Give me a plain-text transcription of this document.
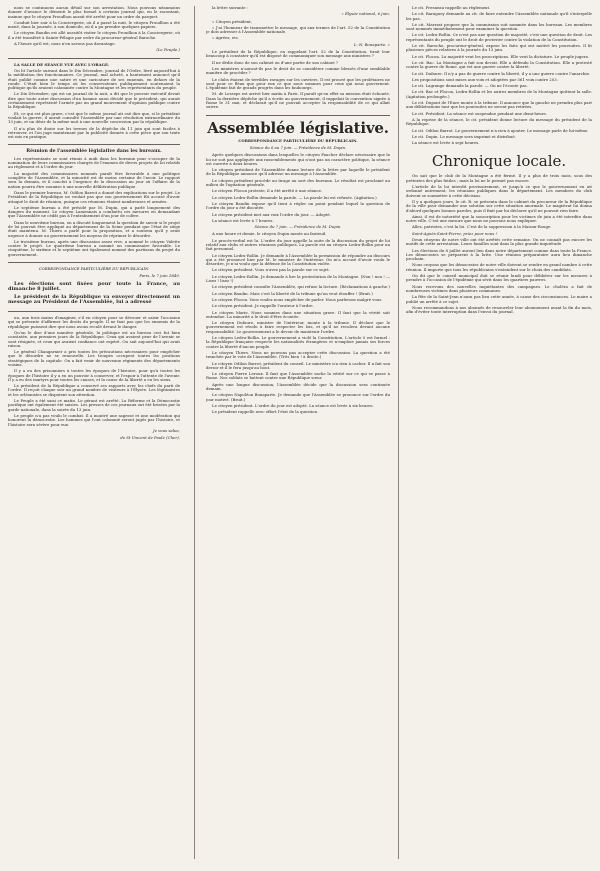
nous se continuons aucun détail sur son arrestation. Nous pouvons néanmoins donner d'avance le démenti le plus formel à certains journal qui, en le racontant, insinue que le citoyen Proudhon aurait été arrêté pour un ordre du parquet.

Conduit hier soir à la Conciergerie, où il a passé la nuit, le citoyen Proudhon a été mené, dans la journée, à son domicile, où il a pu prendre quelques papiers.

Le citoyen Baudin est allé aussitôt visiter le citoyen Proudhon à la Conciergerie, où il a été transféré à Sainte-Pélagie par ordre du procureur-général Baroche.

A l'heure qu'il est, nous n'en savons pas davantage.

(Le Peuple.)

LA SALLE DE SEANCE VUE AVEC L'ORAGE.

On lit l'article suivant dans le Dix Décembre, journal de l'Ordre, livré aujourd'hui à la méditation des fonctionnaires. Ce journal, mal acheté, a hautement annoncé qu'il était publié comme une satire et une caricature de ses ennemis, en dehors de la ronde. C'était bien le temps où les conservateurs publiquement soutenaient la politique qu'ils avaient calomniée contre la Montagne et les représentants du peuple.

Le Dix Décembre, qui est un journal de la nuit, a dit que le pouvoir exécutif devait dire que toute autre discussion d'un homme aussi décidé que le président, qui aurait certainement représenté l'armée par un grand mouvement d'opinion publique contre la République.

Et, ce qui est plus grave, c'est que le même journal ait osé dire que, si le président voulait la guerre, il aurait consulté l'Assemblée par une résolution extraordinaire du 13 juin, et un désir de la même nuit à une nouvelle concession par la république.

Il n'a plus de doute sur les termes de la dépêche du 11 juin qui sont faciles à retrouver, et l'on juge maintenant par la publicité donnée à cette pièce que son texte est mis en pratique.

Réunion de l'assemblée législative dans les bureaux.

Les représentants se sont réunis à midi dans les bureaux pour s'occuper de la nomination de leurs commissaires chargés de l'examen de divers projets de loi relatifs au règlement et à l'ordre du jour.

La majorité des commissaires nommés paraît être favorable à une politique complète de l'Assemblée, et la minorité est de moins certaine de l'avoir. Le rapport sera lu demain, et il conclut à l'urgence de la discussion au jour où l'affaire de la nation pourra être soumise à une nouvelle délibération publique.

Dans le premier bureau, M. Odilon Barrot a donné des explications sur le projet. Le Président de la République ne voulait pas que son gouvernement fût accusé d'avoir attaqué le droit de réunion, puisque ces réunions étaient nombreuses et armées.

Le septième bureau a été présidé par M. Dupin, qui a parlé longuement des dangers du moment. Le citoyen Lamennais a combattu ces mesures en demandant que l'Assemblée ne cédât pas à l'entraînement d'un jour de colère.

Dans le neuvième bureau, on a discuté longuement la question de savoir si le projet de loi pouvait être appliqué au département de la Seine pendant que l'état de siège était maintenu. M. Thiers a parlé pour la proposition, et a soutenu qu'il y avait urgence à donner au gouvernement les moyens de réprimer le désordre.

Le troisième bureau, après une discussion assez vive, a nommé le citoyen Valette contre le projet. Le quatrième bureau a nommé un commissaire favorable. Le cinquième, le sixième et le septième ont également nommé des partisans du projet du gouvernement.

CORRESPONDANCE PARTICULIÈRE DU REPUBLICAIN.
Paris, le 7 juin 1849.

Les élections sont fixées pour toute la France, au dimanche 8 juillet.

Le président de la République va envoyer directement un message au Président de l'Assemblée, lui a adressé

un, aux trois mains d'imaginer, s'il en citoyen pour se dévouer et saisir l'occasion qui se présente d'affirmer les droits du peuple. Il ne faut pas que les ennemis de la république puissent dire que nous avons reculé devant le danger.

Qu'on le dise d'une manière générale, la politique est au bureau ceci fut bien constatée, aux premiers jours de la République. Ceux qui avaient peur de l'avenir se sont résignés, et ceux qui avaient confiance ont espéré. On sait aujourd'hui qui avait raison.

Le général Changarnier a pris toutes les précautions nécessaires pour empêcher que le désordre ne se renouvelle. Les troupes occupent toutes les positions stratégiques de la capitale. On a fait venir de nouveaux régiments des départements voisins.

Il y a eu des prisonniers à toutes les époques de l'histoire, pour qu'à toutes les époques de l'histoire il y a eu un pouvoir à conserver, et l'espoir à l'attente de l'avenir. Il y a eu des martyrs pour toutes les causes, et la cause de la liberté a eu les siens.

Le président de la République a conservé ses rapports avec les chefs du parti de l'ordre. Il reçoit chaque soir un grand nombre de visiteurs à l'Élysée. Les légitimistes et les orléanistes se disputent son attention.

Le Peuple a été saisi ce matin. Le gérant est arrêté. La Réforme et la Démocratie pacifique ont également été saisies. Les presses de ces journaux ont été brisées par la garde nationale, dans la soirée du 13 juin.

Le peuple n'a pas voulu le combat. Il a montré une sagesse et une modération qui honorent la démocratie. Les hommes qui l'ont calomnié seront jugés par l'histoire, et l'histoire sera sévère pour eux.

Je vous salue,
de St Vincent de Paule (Cher).

la lettre suivante :

« Élysée national, 6 juin.

« Citoyen président,

« J'ai l'honneur de transmettre le message, qui aux termes de l'art. 52 de la Constitution je dois adresser à l'Assemblée nationale.

« Agréez, etc.

L.-N. Bonaparte. »

Le président de la République, en rappelant l'art. 52 de la Constitution, tirait leur beaucoup à constater qu'il est disposé de communiquer son message aux ministres ?

Il ne dédie donc de son cabinet ou d'une partie de son cabinet ?

Les ministres n'auront-ils pas le droit de se considérer comme blessés d'une semblable manière de procéder ?

Le clubs étaient de terribles ravages sur les ouvriers. Il est prouvé que les prolétaires ne sont pour ce fléau que pour eux ce que nous sommes pour ceux qui nous gouvernent. L'épidémie fait de grands progrès dans les faubourgs.

M. de Lesseps est arrivé hier matin à Paris. Il paraît qu'en effet sa mission était échouée. Dans la dernière dépêche qu'il a écrite au gouvernement, il rappelait la convention signée à Rome le 31 mai, et déclarait qu'il ne pouvait accepter la responsabilité de ce qui allait suivre.

Assemblée législative.
CORRESPONDANCE PARTICULIÈRE DU RÉPUBLICAIN.
Séance du 6 au 7 juin. — Présidence de M. Dupin.

Après quelques discussions dans lesquelles le citoyen Faucher déclare nécessaire que la loi ne soit pas appliquée aux rassemblements qui n'ont pas un caractère politique, la séance est ouverte à deux heures.

Le citoyen président de l'Assemblée donne lecture de la lettre par laquelle le président de la République annonce qu'il adresse un message à l'Assemblée.

Le citoyen président procède au tirage au sort des bureaux. Le résultat est proclamé au milieu de l'agitation générale.

Le citoyen Flocon proteste, il a été arrêté à une séance.

Le citoyen Ledru-Rollin demande la parole. — La parole lui est refusée. (Agitation.)

Le citoyen Baudin expose qu'il tient à régler un point pendant lequel la question de l'ordre du jour a été discutée.

Le citoyen président met aux voix l'ordre du jour. — Adopté.

La séance est levée à 7 heures.

Séance du 7 juin. — Présidence de M. Dupin.

A une heure et demie, le citoyen Dupin monte au fauteuil.

Le procès-verbal est lu. L'ordre du jour appelle la suite de la discussion du projet de loi relatif aux clubs et autres réunions publiques. La parole est au citoyen Ledru-Rollin pour un fait personnel.

Le citoyen Ledru-Rollin. Je demande à l'Assemblée la permission de répondre au discours qui a été prononcé hier par M. le ministre de l'intérieur. On m'a accusé d'avoir voulu le désordre, je n'ai voulu que la défense de la Constitution violée.

Le citoyen président. Vous n'avez pas la parole sur ce sujet.

Le citoyen Ledru-Rollin. Je demande à lire la protestation de la Montagne. (Non ! non ! — Lisez ! lisez !)

Le citoyen président consulte l'Assemblée, qui refuse la lecture. (Réclamations à gauche.)

Le citoyen Baudin. Mais c'est la liberté de la tribune qu'on veut étouffer ! (Bruit.)

Le citoyen Flocon. Vous voulez nous empêcher de parler. Nous parlerons malgré vous.

Le citoyen président. Je rappelle l'orateur à l'ordre.

Le citoyen Marie. Nous sommes dans une situation grave. Il faut que la vérité soit entendue. La minorité a le droit d'être écoutée.

Le citoyen Dufaure, ministre de l'intérieur, monte à la tribune. Il déclare que le gouvernement est résolu à faire respecter les lois, et qu'il ne reculera devant aucune responsabilité. Le gouvernement a le devoir de maintenir l'ordre.

Le citoyen Ledru-Rollin. Le gouvernement a violé la Constitution. L'article 5 est formel : la République française respecte les nationalités étrangères et n'emploie jamais ses forces contre la liberté d'aucun peuple.

Le citoyen Thiers. Nous ne pouvons pas accepter cette discussion. La question a été tranchée par le vote de l'Assemblée. (Très bien ! à droite.)

Le citoyen Odilon Barrot, président du conseil. Le ministère n'a rien à cacher. Il a fait son devoir et il le fera jusqu'au bout.

Le citoyen Pierre Leroux. Il faut que l'Assemblée sache la vérité sur ce qui se passe à Rome. Nos soldats se battent contre une République sœur.

Après une longue discussion, l'Assemblée décide que la discussion sera continuée demain.

Le citoyen Napoléon Bonaparte. Je demande que l'Assemblée se prononce sur l'ordre du jour motivé. (Bruit.)

Le citoyen président. L'ordre du jour est adopté. La séance est levée à six heures.

Le président rappelle avec effort l'état de la question.

Le cit. Fresneau rappelle au règlement.

Le cit. Baraguey demande au cit. de faire entendre l'Assemblée nationale qu'il s'interpelle les pas.

Le cit. Marrast propose que la commission soit nommée dans les bureaux. Les membres sont nommés immédiatement pour examiner la question.

Le cit. Ledru-Rollin. Ce n'est pas une question de majorité, c'est une question de droit. Les représentants du peuple ont le droit de protester contre la violation de la Constitution.

Le cit. Baroche, procureur-général, expose les faits qui ont motivé les poursuites. Il lit plusieurs pièces relatives à la journée du 13 juin.

Le cit. Flocon. La majorité veut les proscriptions. Elle veut la dictature. Le peuple jugera.

Le cit. Bac. La Montagne a fait son devoir. Elle a défendu la Constitution. Elle a protesté contre la guerre de Rome, qui est une guerre contre la liberté.

Le cit. Dufaure. Il n'y a pas de guerre contre la liberté, il y a une guerre contre l'anarchie.

Les propositions sont mises aux voix et adoptées par 361 voix contre 203.

Le cit. Lagrange demande la parole. — On ne l'écoute pas.

Le cit. Bac et Flocon, Ledru-Rollin et les autres membres de la Montagne quittent la salle. (Agitation prolongée.)

Le cit. Dupont de l'Eure monte à la tribune. Il annonce que la gauche ne prendra plus part aux délibérations tant que les poursuites ne seront pas retirées.

Le cit. Président. La séance est suspendue pendant une demi-heure.

A la reprise de la séance, le cit. président donne lecture du message du président de la République.

Le cit. Odilon Barrot. Le gouvernement n'a rien à ajouter. Le message parle de lui-même.

Le cit. Dupin. Le message sera imprimé et distribué.

La séance est levée à sept heures.

Chronique locale.

On sait que le club de la Montagne a été fermé. Il y a plus de trois mois, sous des prétextes des plus futiles ; mais la loi ne le permet pas encore.

L'article de la loi interdit provisoirement, et jusqu'à ce que le gouvernement en ait ordonné autrement, les réunions publiques dans le département. Les membres du club doivent se soumettre à cette décision.

Il y a quelques jours, le cit. R. se présenta dans le cabinet du procureur de la République de la ville pour demander une solution sur cette situation anormale. Le magistrat lui donna d'abord quelques bonnes paroles, puis il finit par lui déclarer qu'il ne pouvait rien faire.

Ainsi, il est de notoriété que la souscription pour les victimes de juin a été interdite dans notre ville. C'est une mesure que nous ne pouvons nous expliquer.

Allez, patriotes, c'est la loi. C'est de la suppression à la Maison-Rouge.

Saint-Agnès-Saint-Pierre, priez pour nous !

Deux citoyens de notre ville ont été arrêtés cette semaine. On ne connaît pas encore les motifs de cette arrestation. Leurs familles sont dans la plus grande inquiétude.

Les élections du 8 juillet auront lieu dans notre département comme dans toute la France. Les démocrates se préparent à la lutte. Une réunion préparatoire aura lieu dimanche prochain.

Nous croyons que les démocrates de notre ville doivent se rendre en grand nombre à cette réunion. Il importe que tous les républicains s'entendent sur le choix des candidats.

On dit que le conseil municipal doit se réunir lundi pour délibérer sur les mesures à prendre à l'occasion de l'épidémie qui sévit dans les quartiers pauvres.

Nous recevons des nouvelles inquiétantes des campagnes. Le choléra a fait de nombreuses victimes dans plusieurs communes.

La fête de la Saint-Jean n'aura pas lieu cette année, à cause des circonstances. Le maire a publié un arrêté à ce sujet.

Nous recommandons à nos abonnés de renouveler leur abonnement avant la fin du mois, afin d'éviter toute interruption dans l'envoi du journal.
